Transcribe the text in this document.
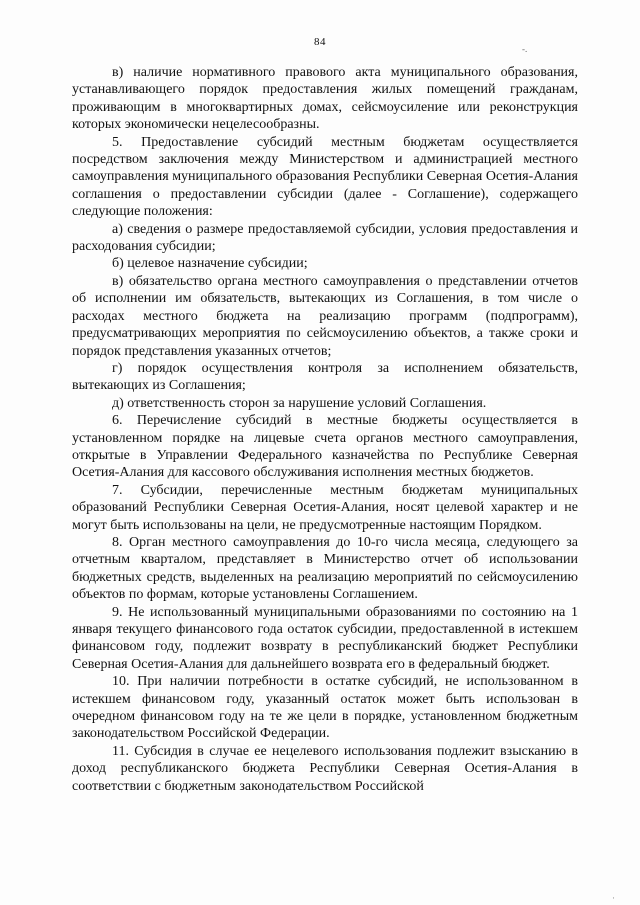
84
-.

в) наличие нормативного правового акта муниципального образования, устанавливающего порядок предоставления жилых помещений гражданам, проживающим в многоквартирных домах, сейсмоусиление или реконструкция которых экономически нецелесообразны.

5. Предоставление субсидий местным бюджетам осуществляется посредством заключения между Министерством и администрацией местного самоуправления муниципального образования Республики Северная Осетия-Алания соглашения о предоставлении субсидии (далее - Соглашение), содержащего следующие положения:

а) сведения о размере предоставляемой субсидии, условия предоставления и расходования субсидии;

б) целевое назначение субсидии;

в) обязательство органа местного самоуправления о представлении отчетов об исполнении им обязательств, вытекающих из Соглашения, в том числе о расходах местного бюджета на реализацию программ (подпрограмм), предусматривающих мероприятия по сейсмоусилению объектов, а также сроки и порядок представления указанных отчетов;

г) порядок осуществления контроля за исполнением обязательств, вытекающих из Соглашения;

д) ответственность сторон за нарушение условий Соглашения.

6. Перечисление субсидий в местные бюджеты осуществляется в установленном порядке на лицевые счета органов местного самоуправления, открытые в Управлении Федерального казначейства по Республике Северная Осетия-Алания для кассового обслуживания исполнения местных бюджетов.

7. Субсидии, перечисленные местным бюджетам муниципальных образований Республики Северная Осетия-Алания, носят целевой характер и не могут быть использованы на цели, не предусмотренные настоящим Порядком.

8. Орган местного самоуправления до 10-го числа месяца, следующего за отчетным кварталом, представляет в Министерство отчет об использовании бюджетных средств, выделенных на реализацию мероприятий по сейсмоусилению объектов по формам, которые установлены Соглашением.

9. Не использованный муниципальными образованиями по состоянию на 1 января текущего финансового года остаток субсидии, предоставленной в истекшем финансовом году, подлежит возврату в республиканский бюджет Республики Северная Осетия-Алания для дальнейшего возврата его в федеральный бюджет.

10. При наличии потребности в остатке субсидий, не использованном в истекшем финансовом году, указанный остаток может быть использован в очередном финансовом году на те же цели в порядке, установленном бюджетным законодательством Российской Федерации.

11. Субсидия в случае ее нецелевого использования подлежит взысканию в доход республиканского бюджета Республики Северная Осетия-Алания в соответствии с бюджетным законодательством Российской

·
